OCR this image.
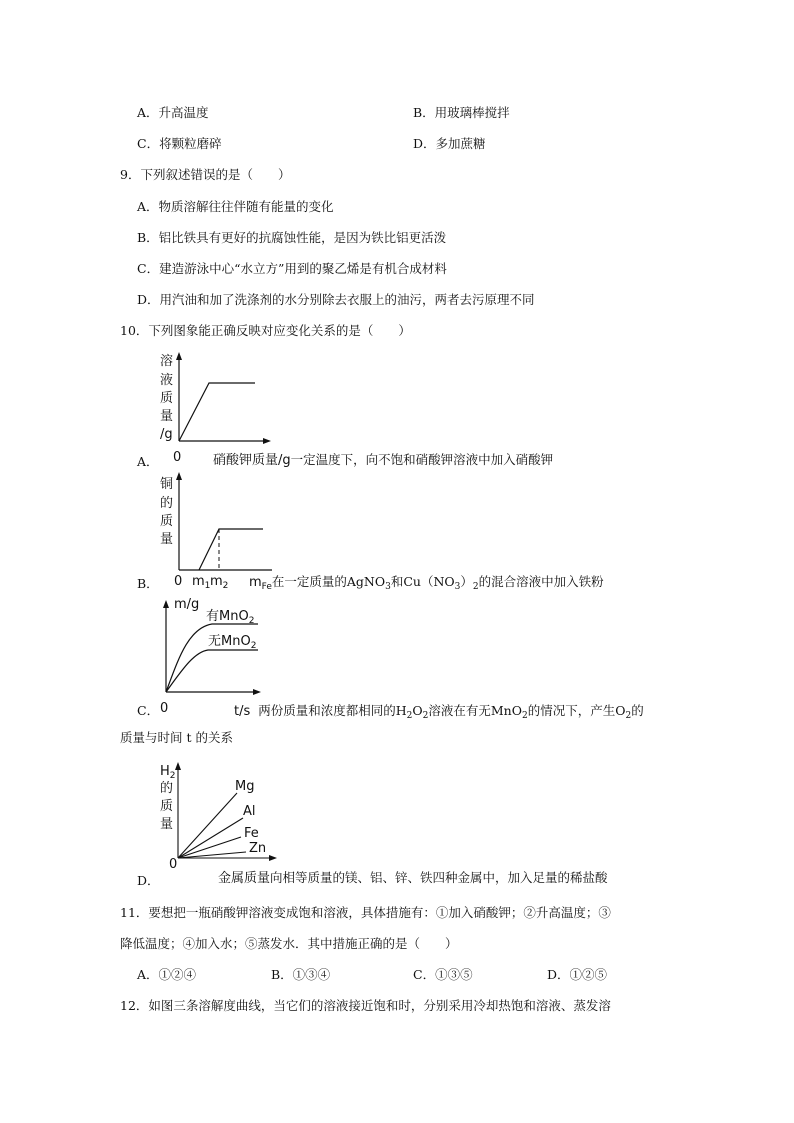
A．升高温度	B．用玻璃棒搅拌
C．将颗粒磨碎	D．多加蔗糖
9．下列叙述错误的是（　　）
A．物质溶解往往伴随有能量的变化
B．铝比铁具有更好的抗腐蚀性能，是因为铁比铝更活泼
C．建造游泳中心“水立方”用到的聚乙烯是有机合成材料
D．用汽油和加了洗涤剂的水分别除去衣服上的油污，两者去污原理不同
10．下列图象能正确反映对应变化关系的是（　　）
溶
液
质
量
/g
0
A．	硝酸钾质量/g一定温度下，向不饱和硝酸钾溶液中加入硝酸钾
铜
的
质
量
B． 0 $m_1$ $m_2$ $m_{Fe}$在一定质量的AgNO$_3$和$Cu(NO_3)_2$的混合溶液中加入铁粉
m/g
有MnO$_2$
无MnO$_2$
C． 0	t/s 两份质量和浓度都相同的$H_2O_2$溶液在有无MnO$_2$的情况下，产生$O_2$的
质量与时间 t 的关系
$H_2$
的
质
量
Mg
Al
Fe
Zn
0
D．	金属质量向相等质量的镁、铝、锌、铁四种金属中，加入足量的稀盐酸
11．要想把一瓶硝酸钾溶液变成饱和溶液，具体措施有：①加入硝酸钾；②升高温度；③
降低温度；④加入水；⑤蒸发水．其中措施正确的是（　　）
A．①②④	B．①③④	C．①③⑤	D．①②⑤
12．如图三条溶解度曲线，当它们的溶液接近饱和时，分别采用冷却热饱和溶液、蒸发溶
